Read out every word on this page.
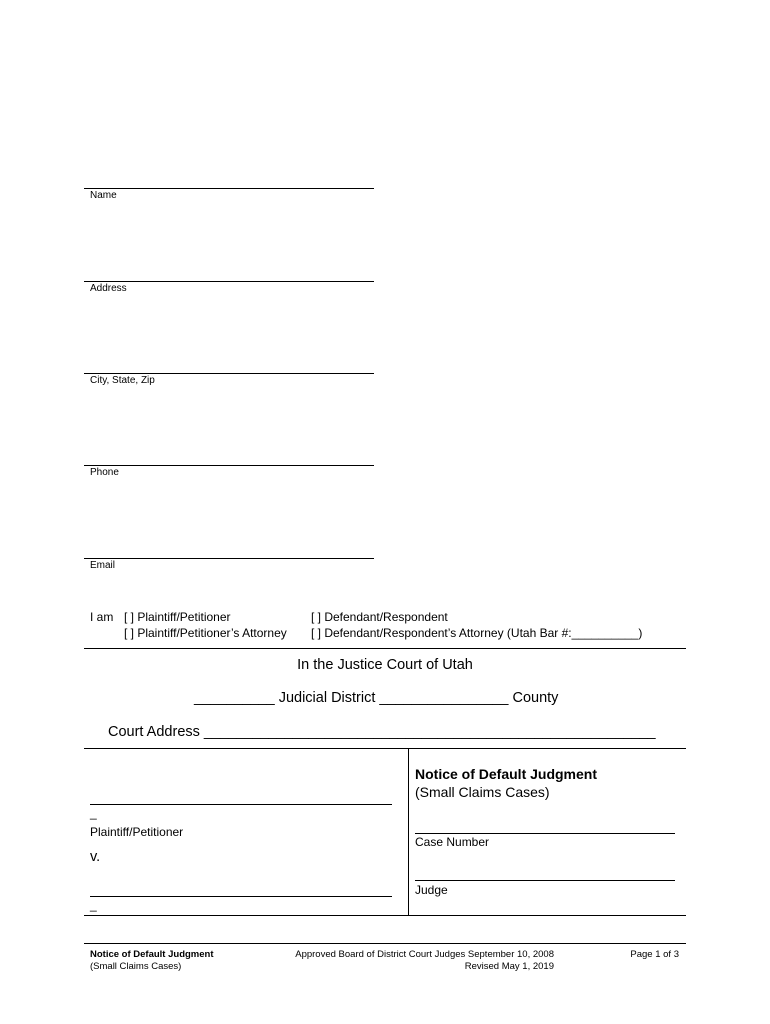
Name
Address
City, State, Zip
Phone
Email
I am [ ] Plaintiff/Petitioner	[ ] Defendant/Respondent
[ ] Plaintiff/Petitioner’s Attorney [ ] Defendant/Respondent’s Attorney (Utah Bar #:__________)
In the Justice Court of Utah
__________ Judicial District ________________ County
Court Address ________________________________________________________
_
Plaintiff/Petitioner
v.
_
Notice of Default Judgment
(Small Claims Cases)
Case Number
Judge
Notice of Default Judgment
(Small Claims Cases)
Approved Board of District Court Judges September 10, 2008
Revised May 1, 2019
Page 1 of 3
